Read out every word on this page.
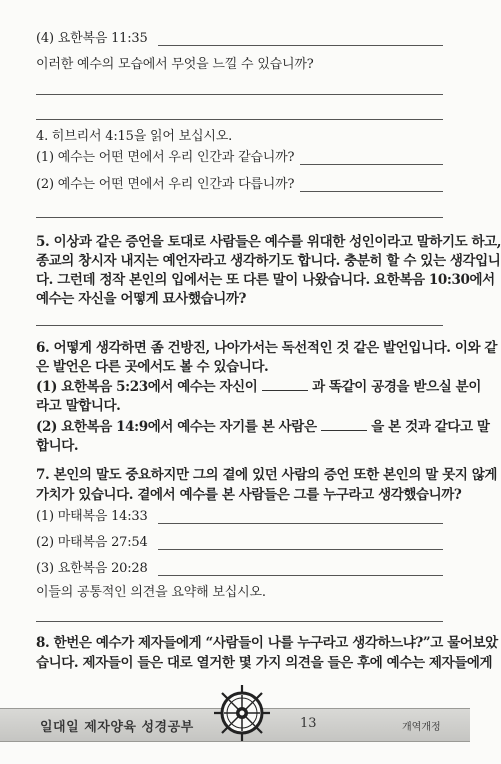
(4) 요한복음 11:35
이러한 예수의 모습에서 무엇을 느낄 수 있습니까?
4. 히브리서 4:15을 읽어 보십시오.
(1) 예수는 어떤 면에서 우리 인간과 같습니까?
(2) 예수는 어떤 면에서 우리 인간과 다릅니까?
5. 이상과 같은 증언을 토대로 사람들은 예수를 위대한 성인이라고 말하기도 하고,
종교의 창시자 내지는 예언자라고 생각하기도 합니다. 충분히 할 수 있는 생각입니
다. 그런데 정작 본인의 입에서는 또 다른 말이 나왔습니다. 요한복음 10:30에서
예수는 자신을 어떻게 묘사했습니까?
6. 어떻게 생각하면 좀 건방진, 나아가서는 독선적인 것 같은 발언입니다. 이와 같
은 발언은 다른 곳에서도 볼 수 있습니다.
(1) 요한복음 5:23에서 예수는 자신이	과 똑같이 공경을 받으실 분이
라고 말합니다.
(2) 요한복음 14:9에서 예수는 자기를 본 사람은	을 본 것과 같다고 말
합니다.
7. 본인의 말도 중요하지만 그의 곁에 있던 사람의 증언 또한 본인의 말 못지 않게
가치가 있습니다. 곁에서 예수를 본 사람들은 그를 누구라고 생각했습니까?
(1) 마태복음 14:33
(2) 마태복음 27:54
(3) 요한복음 20:28
이들의 공통적인 의견을 요약해 보십시오.
8. 한번은 예수가 제자들에게 “사람들이 나를 누구라고 생각하느냐?”고 물어보았
습니다. 제자들이 들은 대로 열거한 몇 가지 의견을 들은 후에 예수는 제자들에게
일대일 제자양육 성경공부	13	개역개정
